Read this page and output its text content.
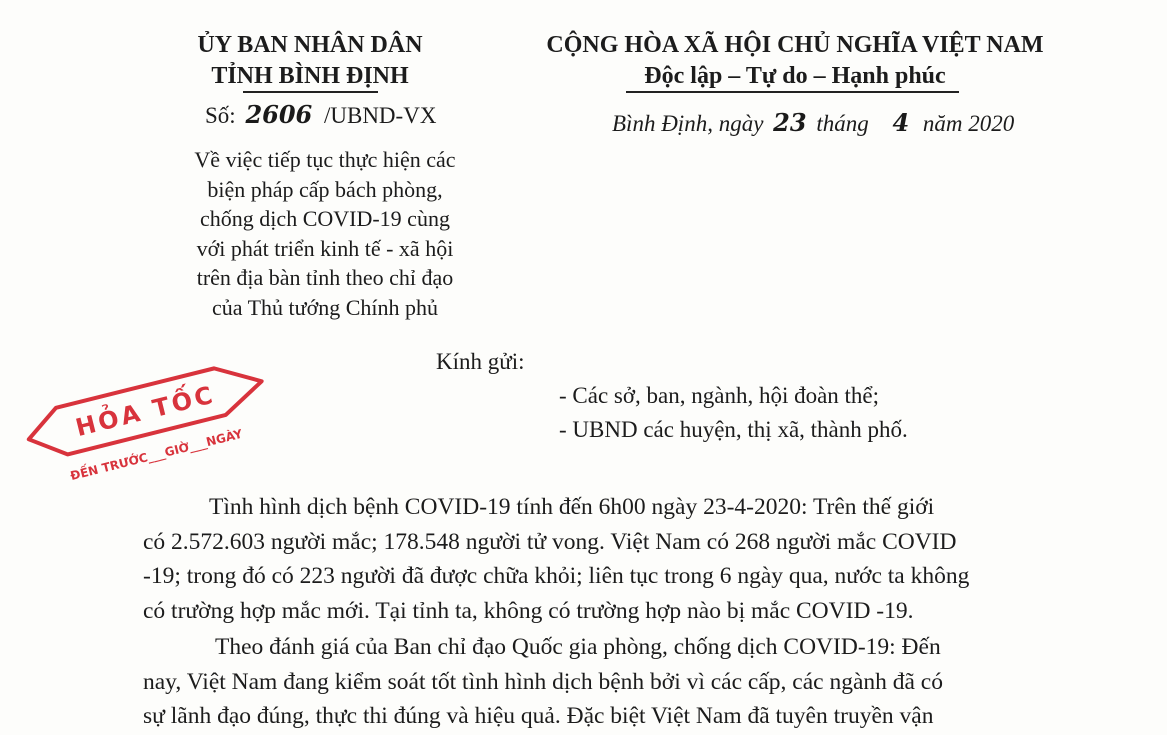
ỦY BAN NHÂN DÂN
TỈNH BÌNH ĐỊNH
Số: 2606 /UBND-VX
Về việc tiếp tục thực hiện các
biện pháp cấp bách phòng,
chống dịch COVID-19 cùng
với phát triển kinh tế - xã hội
trên địa bàn tỉnh theo chỉ đạo
của Thủ tướng Chính phủ
CỘNG HÒA XÃ HỘI CHỦ NGHĨA VIỆT NAM
Độc lập – Tự do – Hạnh phúc
Bình Định, ngày 23 tháng 4 năm 2020
HỎA TỐC
ĐẾN TRƯỚC___GIỜ___NGÀY
Kính gửi:
- Các sở, ban, ngành, hội đoàn thể;
- UBND các huyện, thị xã, thành phố.
Tình hình dịch bệnh COVID-19 tính đến 6h00 ngày 23-4-2020: Trên thế giới
có 2.572.603 người mắc; 178.548 người tử vong. Việt Nam có 268 người mắc COVID
-19; trong đó có 223 người đã được chữa khỏi; liên tục trong 6 ngày qua, nước ta không
có trường hợp mắc mới. Tại tỉnh ta, không có trường hợp nào bị mắc COVID -19.
Theo đánh giá của Ban chỉ đạo Quốc gia phòng, chống dịch COVID-19: Đến
nay, Việt Nam đang kiểm soát tốt tình hình dịch bệnh bởi vì các cấp, các ngành đã có
sự lãnh đạo đúng, thực thi đúng và hiệu quả. Đặc biệt Việt Nam đã tuyên truyền vận
